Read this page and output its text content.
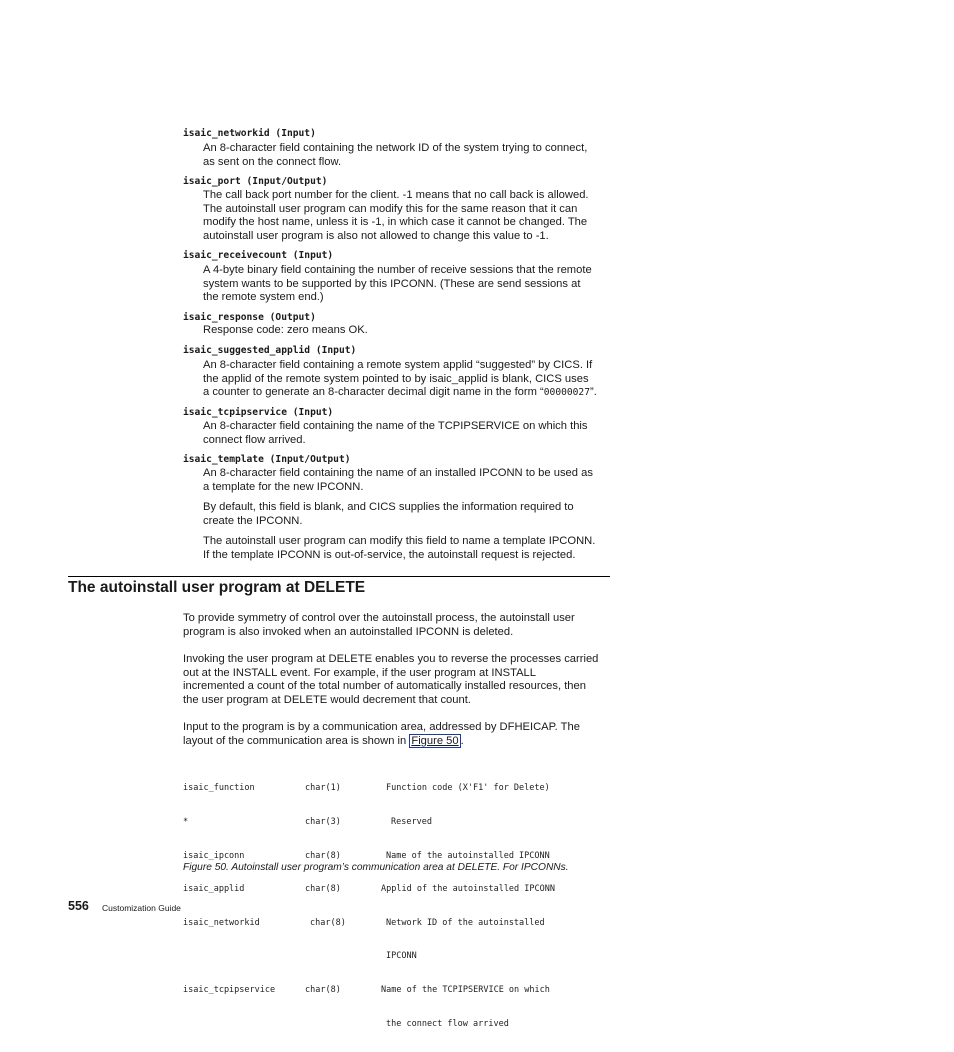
isaic_networkid (Input)
An 8-character field containing the network ID of the system trying to connect,
as sent on the connect flow.
isaic_port (Input/Output)
The call back port number for the client. -1 means that no call back is allowed.
The autoinstall user program can modify this for the same reason that it can
modify the host name, unless it is -1, in which case it cannot be changed. The
autoinstall user program is also not allowed to change this value to -1.
isaic_receivecount (Input)
A 4-byte binary field containing the number of receive sessions that the remote
system wants to be supported by this IPCONN. (These are send sessions at
the remote system end.)
isaic_response (Output)
Response code: zero means OK.
isaic_suggested_applid (Input)
An 8-character field containing a remote system applid “suggested” by CICS. If
the applid of the remote system pointed to by isaic_applid is blank, CICS uses
a counter to generate an 8-character decimal digit name in the form “00000027”.
isaic_tcpipservice (Input)
An 8-character field containing the name of the TCPIPSERVICE on which this
connect flow arrived.
isaic_template (Input/Output)
An 8-character field containing the name of an installed IPCONN to be used as
a template for the new IPCONN.
By default, this field is blank, and CICS supplies the information required to
create the IPCONN.
The autoinstall user program can modify this field to name a template IPCONN.
If the template IPCONN is out-of-service, the autoinstall request is rejected.
The autoinstall user program at DELETE
To provide symmetry of control over the autoinstall process, the autoinstall user
program is also invoked when an autoinstalled IPCONN is deleted.
Invoking the user program at DELETE enables you to reverse the processes carried
out at the INSTALL event. For example, if the user program at INSTALL
incremented a count of the total number of automatically installed resources, then
the user program at DELETE would decrement that count.
Input to the program is by a communication area, addressed by DFHEICAP. The
layout of the communication area is shown in Figure 50 .

isaic_function

*

isaic_ipconn

isaic_applid

isaic_networkid

isaic_tcpipservice

char(1)

char(3)

char(8)

char(8)

char(8)

char(8)

Function code (X'F1' for Delete)

Reserved

Name of the autoinstalled IPCONN

Applid of the autoinstalled IPCONN

Network ID of the autoinstalled

IPCONN

Name of the TCPIPSERVICE on which

the connect flow arrived

Figure 50. Autoinstall user program’s communication area at DELETE. For IPCONNs.
556 Customization Guide
